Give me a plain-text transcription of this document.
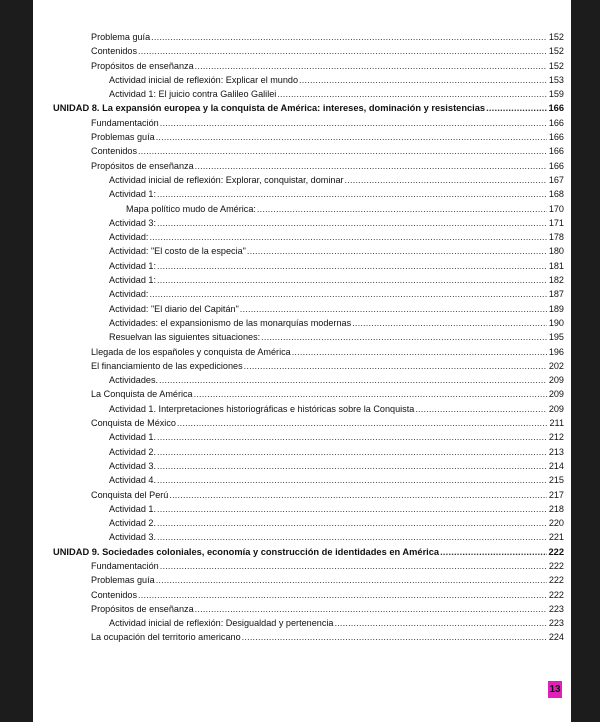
Problema guía .....	152
Contenidos .....	152
Propósitos de enseñanza .....	152
Actividad inicial de reflexión: Explicar el mundo .....	153
Actividad 1: El juicio contra Galileo Galilei .....	159
UNIDAD 8. La expansión europea y la conquista de América: intereses, dominación y resistencias .....	166
Fundamentación .....	166
Problemas guía .....	166
Contenidos .....	166
Propósitos de enseñanza .....	166
Actividad inicial de reflexión: Explorar, conquistar, dominar .....	167
Actividad 1: .....	168
Mapa político mudo de América: .....	170
Actividad 3: .....	171
Actividad: .....	178
Actividad: "El costo de la especia" .....	180
Actividad 1: .....	181
Actividad 1: .....	182
Actividad: .....	187
Actividad: "El diario del Capitán" .....	189
Actividades: el expansionismo de las monarquías modernas .....	190
Resuelvan las siguientes situaciones: .....	195
Llegada de los españoles y conquista de América .....	196
El financiamiento de las expediciones .....	202
Actividades. .....	209
La Conquista de América .....	209
Actividad 1. Interpretaciones historiográficas e históricas sobre la Conquista .....	209
Conquista de México .....	211
Actividad 1. .....	212
Actividad 2. .....	213
Actividad 3. .....	214
Actividad 4. .....	215
Conquista del Perú .....	217
Actividad 1. .....	218
Actividad 2. .....	220
Actividad 3. .....	221
UNIDAD 9. Sociedades coloniales, economía y construcción de identidades en América .....	222
Fundamentación .....	222
Problemas guía .....	222
Contenidos .....	222
Propósitos de enseñanza .....	223
Actividad inicial de reflexión: Desigualdad y pertenencia .....	223
La ocupación del territorio americano .....	224
13
